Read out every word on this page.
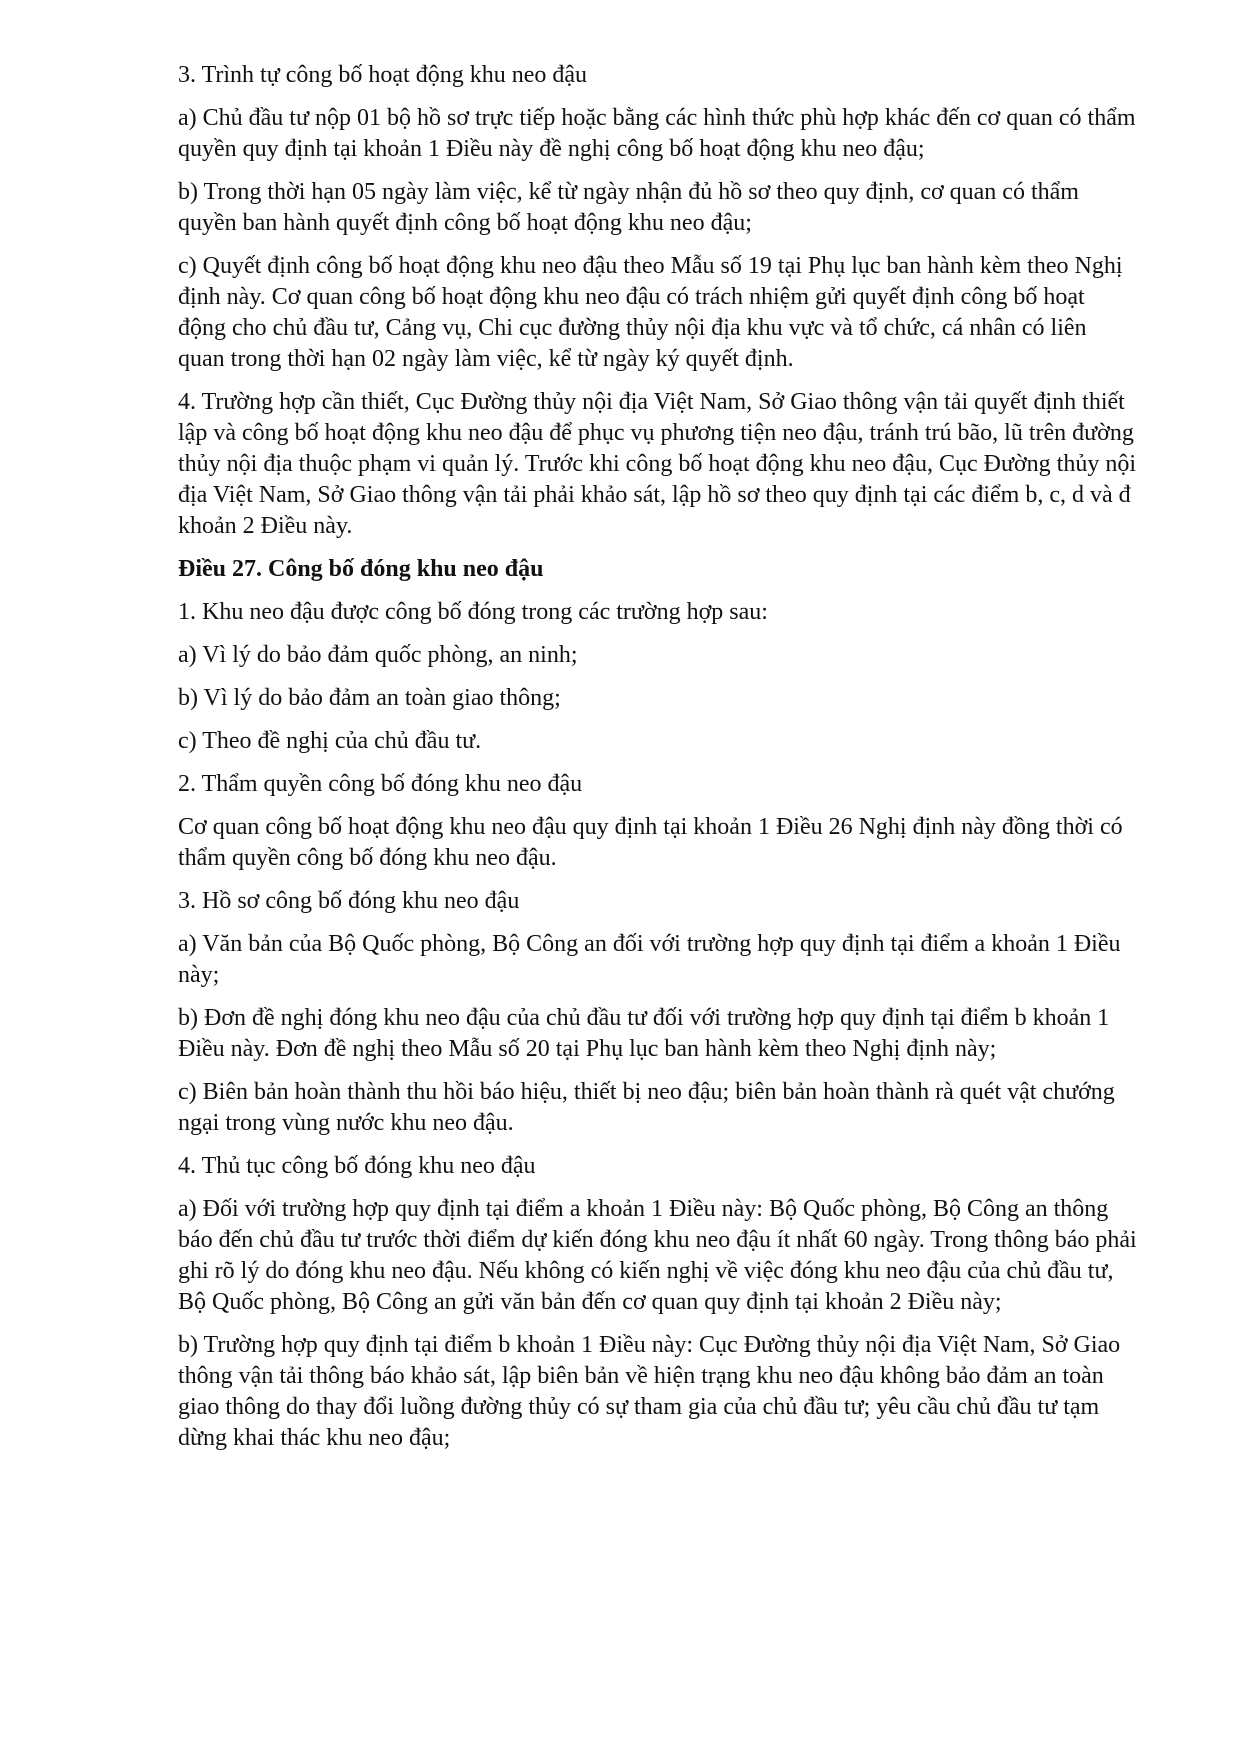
3. Trình tự công bố hoạt động khu neo đậu

a) Chủ đầu tư nộp 01 bộ hồ sơ trực tiếp hoặc bằng các hình thức phù hợp khác đến cơ quan có thẩm quyền quy định tại khoản 1 Điều này đề nghị công bố hoạt động khu neo đậu;

b) Trong thời hạn 05 ngày làm việc, kể từ ngày nhận đủ hồ sơ theo quy định, cơ quan có thẩm quyền ban hành quyết định công bố hoạt động khu neo đậu;

c) Quyết định công bố hoạt động khu neo đậu theo Mẫu số 19 tại Phụ lục ban hành kèm theo Nghị định này. Cơ quan công bố hoạt động khu neo đậu có trách nhiệm gửi quyết định công bố hoạt động cho chủ đầu tư, Cảng vụ, Chi cục đường thủy nội địa khu vực và tổ chức, cá nhân có liên quan trong thời hạn 02 ngày làm việc, kể từ ngày ký quyết định.

4. Trường hợp cần thiết, Cục Đường thủy nội địa Việt Nam, Sở Giao thông vận tải quyết định thiết lập và công bố hoạt động khu neo đậu để phục vụ phương tiện neo đậu, tránh trú bão, lũ trên đường thủy nội địa thuộc phạm vi quản lý. Trước khi công bố hoạt động khu neo đậu, Cục Đường thủy nội địa Việt Nam, Sở Giao thông vận tải phải khảo sát, lập hồ sơ theo quy định tại các điểm b, c, d và đ khoản 2 Điều này.

Điều 27. Công bố đóng khu neo đậu

1. Khu neo đậu được công bố đóng trong các trường hợp sau:

a) Vì lý do bảo đảm quốc phòng, an ninh;

b) Vì lý do bảo đảm an toàn giao thông;

c) Theo đề nghị của chủ đầu tư.

2. Thẩm quyền công bố đóng khu neo đậu

Cơ quan công bố hoạt động khu neo đậu quy định tại khoản 1 Điều 26 Nghị định này đồng thời có thẩm quyền công bố đóng khu neo đậu.

3. Hồ sơ công bố đóng khu neo đậu

a) Văn bản của Bộ Quốc phòng, Bộ Công an đối với trường hợp quy định tại điểm a khoản 1 Điều này;

b) Đơn đề nghị đóng khu neo đậu của chủ đầu tư đối với trường hợp quy định tại điểm b khoản 1 Điều này. Đơn đề nghị theo Mẫu số 20 tại Phụ lục ban hành kèm theo Nghị định này;

c) Biên bản hoàn thành thu hồi báo hiệu, thiết bị neo đậu; biên bản hoàn thành rà quét vật chướng ngại trong vùng nước khu neo đậu.

4. Thủ tục công bố đóng khu neo đậu

a) Đối với trường hợp quy định tại điểm a khoản 1 Điều này: Bộ Quốc phòng, Bộ Công an thông báo đến chủ đầu tư trước thời điểm dự kiến đóng khu neo đậu ít nhất 60 ngày. Trong thông báo phải ghi rõ lý do đóng khu neo đậu. Nếu không có kiến nghị về việc đóng khu neo đậu của chủ đầu tư, Bộ Quốc phòng, Bộ Công an gửi văn bản đến cơ quan quy định tại khoản 2 Điều này;

b) Trường hợp quy định tại điểm b khoản 1 Điều này: Cục Đường thủy nội địa Việt Nam, Sở Giao thông vận tải thông báo khảo sát, lập biên bản về hiện trạng khu neo đậu không bảo đảm an toàn giao thông do thay đổi luồng đường thủy có sự tham gia của chủ đầu tư; yêu cầu chủ đầu tư tạm dừng khai thác khu neo đậu;
